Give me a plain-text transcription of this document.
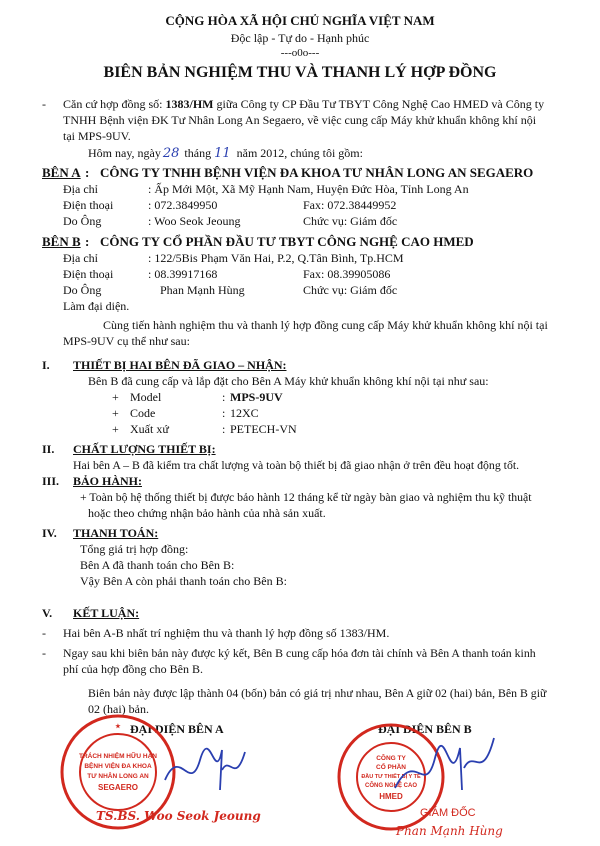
CỘNG HÒA XÃ HỘI CHỦ NGHĨA VIỆT NAM
Độc lập - Tự do - Hạnh phúc
---o0o---
BIÊN BẢN NGHIỆM THU VÀ THANH LÝ HỢP ĐỒNG
- Căn cứ hợp đồng số: 1383/HM giữa Công ty CP Đầu Tư TBYT Công Nghệ Cao HMED và Công ty
TNHH Bệnh viện ĐK Tư Nhân Long An Segaero, về việc cung cấp Máy khử khuẩn không khí nội
tại MPS-9UV.
Hôm nay, ngày 28 tháng 11 năm 2012, chúng tôi gồm:
BÊN A : CÔNG TY TNHH BỆNH VIỆN ĐA KHOA TƯ NHÂN LONG AN SEGAERO
Địa chỉ	: Ấp Mới Một, Xã Mỹ Hạnh Nam, Huyện Đức Hòa, Tỉnh Long An
Điện thoại	: 072.3849950	Fax: 072.38449952
Do Ông	: Woo Seok Jeoung	Chức vụ: Giám đốc
BÊN B : CÔNG TY CỔ PHẦN ĐẦU TƯ TBYT CÔNG NGHỆ CAO HMED
Địa chỉ	: 122/5Bis Phạm Văn Hai, P.2, Q.Tân Bình, Tp.HCM
Điện thoại	: 08.39917168	Fax: 08.39905086
Do Ông	Phan Mạnh Hùng	Chức vụ: Giám đốc
Làm đại diện.
Cùng tiến hành nghiệm thu và thanh lý hợp đồng cung cấp Máy khử khuẩn không khí nội tại
MPS-9UV cụ thể như sau:
I. THIẾT BỊ HAI BÊN ĐÃ GIAO – NHẬN:
Bên B đã cung cấp và lắp đặt cho Bên A Máy khử khuẩn không khí nội tại như sau:
+ Model	: MPS-9UV
+ Code	: 12XC
+ Xuất xứ	: PETECH-VN
II. CHẤT LƯỢNG THIẾT BỊ:
Hai bên A – B đã kiểm tra chất lượng và toàn bộ thiết bị đã giao nhận ở trên đều hoạt động tốt.
III. BẢO HÀNH:
+ Toàn bộ hệ thống thiết bị được bảo hành 12 tháng kể từ ngày bàn giao và nghiệm thu kỹ thuật
hoặc theo chứng nhận bảo hành của nhà sản xuất.
IV. THANH TOÁN:
Tổng giá trị hợp đồng:
Bên A đã thanh toán cho Bên B:
Vậy Bên A còn phải thanh toán cho Bên B:
V. KẾT LUẬN:
- Hai bên A-B nhất trí nghiệm thu và thanh lý hợp đồng số 1383/HM.
- Ngay sau khi biên bản này được ký kết, Bên B cung cấp hóa đơn tài chính và Bên A thanh toán kinh
phí của hợp đồng cho Bên B.
Biên bản này được lập thành 04 (bốn) bản có giá trị như nhau, Bên A giữ 02 (hai) bản, Bên B giữ
02 (hai) bản.
ĐẠI DIỆN BÊN A
TRÁCH NHIỆM HỮU HẠN
BỆNH VIỆN ĐA KHOA
TƯ NHÂN LONG AN
SEGAERO
★
TS.BS. Woo Seok Jeoung
ĐẠI DIỆN BÊN B
CÔNG TY
CỔ PHẦN
ĐẦU TƯ THIẾT BỊ Y TẾ
CÔNG NGHỆ CAO
HMED
GIÁM ĐỐC
Phan Mạnh Hùng
